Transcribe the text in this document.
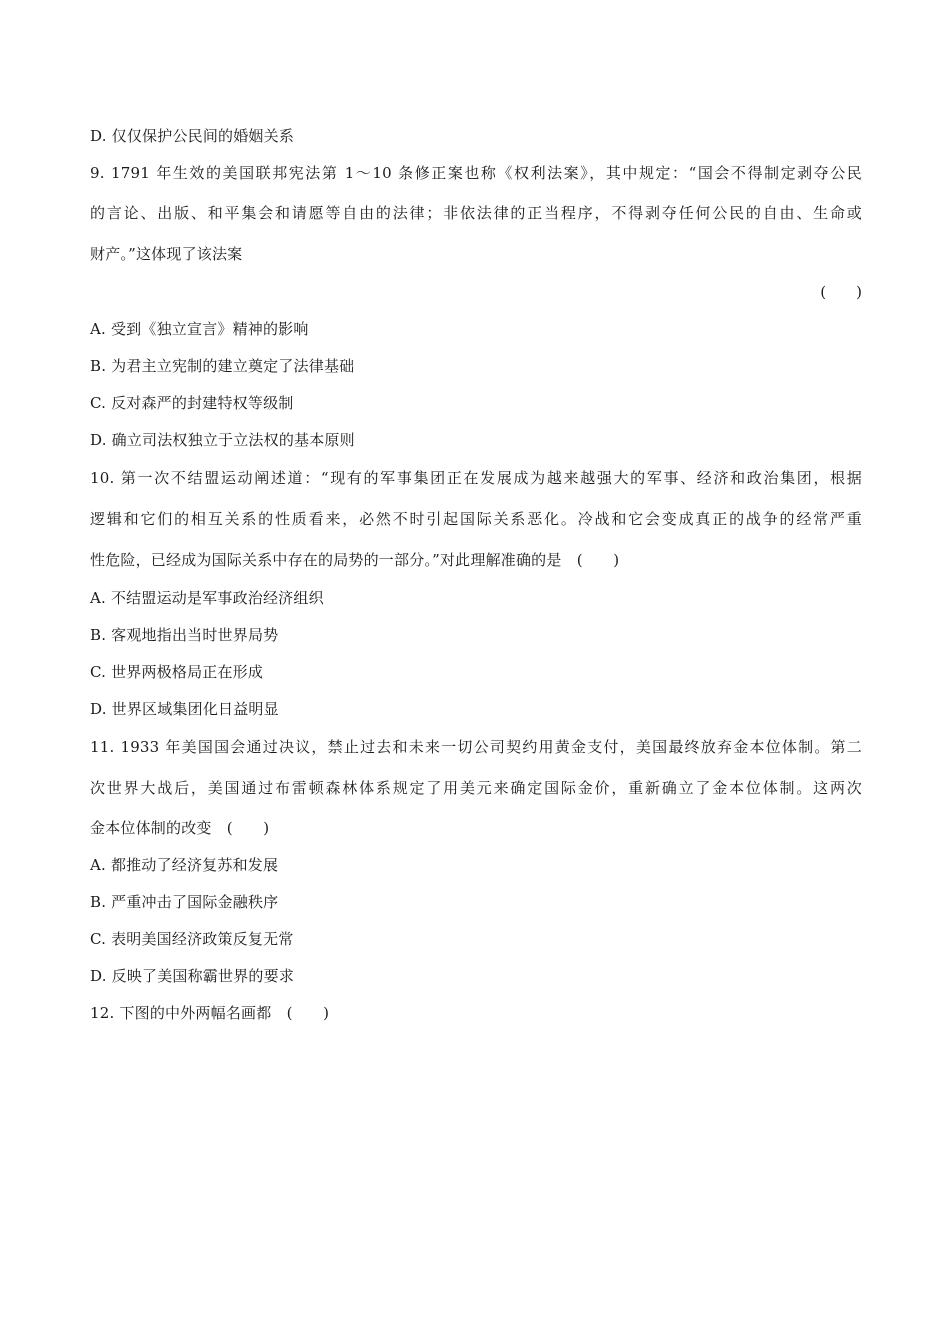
D. 仅仅保护公民间的婚姻关系
9. 1791 年生效的美国联邦宪法第 1～10 条修正案也称《权利法案》，其中规定：“国会不得制定剥夺公民
的言论、出版、和平集会和请愿等自由的法律；非依法律的正当程序，不得剥夺任何公民的自由、生命或
财产。”这体现了该法案
(　　)
A. 受到《独立宣言》精神的影响
B. 为君主立宪制的建立奠定了法律基础
C. 反对森严的封建特权等级制
D. 确立司法权独立于立法权的基本原则
10. 第一次不结盟运动阐述道：“现有的军事集团正在发展成为越来越强大的军事、经济和政治集团，根据
逻辑和它们的相互关系的性质看来，必然不时引起国际关系恶化。冷战和它会变成真正的战争的经常严重
性危险，已经成为国际关系中存在的局势的一部分。”对此理解准确的是　(　　)
A. 不结盟运动是军事政治经济组织
B. 客观地指出当时世界局势
C. 世界两极格局正在形成
D. 世界区域集团化日益明显
11. 1933 年美国国会通过决议，禁止过去和未来一切公司契约用黄金支付，美国最终放弃金本位体制。第二
次世界大战后，美国通过布雷顿森林体系规定了用美元来确定国际金价，重新确立了金本位体制。这两次
金本位体制的改变　(　　)
A. 都推动了经济复苏和发展
B. 严重冲击了国际金融秩序
C. 表明美国经济政策反复无常
D. 反映了美国称霸世界的要求
12. 下图的中外两幅名画都　(　　)
